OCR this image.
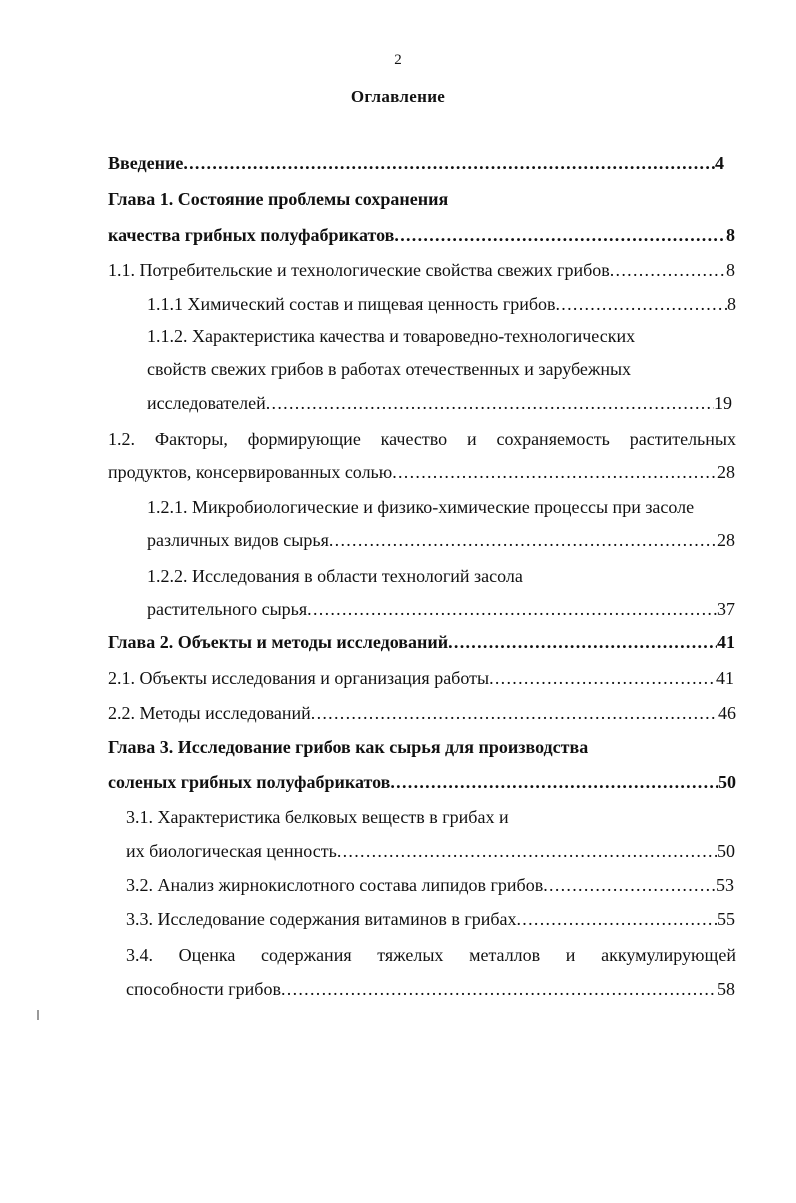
2
Оглавление
Введение . . .	4
Глава 1. Состояние проблемы сохранения
качества грибных полуфабрикатов . . .	8
1.1. Потребительские и технологические свойства свежих грибов . . .	8
1.1.1 Химический состав и пищевая ценность грибов . . .	8
1.1.2. Характеристика качества и товароведно-технологических
свойств свежих грибов в работах отечественных и зарубежных
исследователей . . .	19
1.2. Факторы, формирующие качество и сохраняемость растительных
продуктов, консервированных солью . . .	28
1.2.1. Микробиологические и физико-химические процессы при засоле
различных видов сырья . . .	28
1.2.2. Исследования в области технологий засола
растительного сырья . . .	37
Глава 2. Объекты и методы исследований . . .	41
2.1. Объекты исследования и организация работы . . .	41
2.2. Методы исследований . . .	46
Глава 3. Исследование грибов как сырья для производства
соленых грибных полуфабрикатов . . .	50
3.1. Характеристика белковых веществ в грибах и
их биологическая ценность . . .	50
3.2. Анализ жирнокислотного состава липидов грибов . . .	53
3.3. Исследование содержания витаминов в грибах . . .	55
3.4. Оценка содержания тяжелых металлов и аккумулирующей
способности грибов . . .	58
